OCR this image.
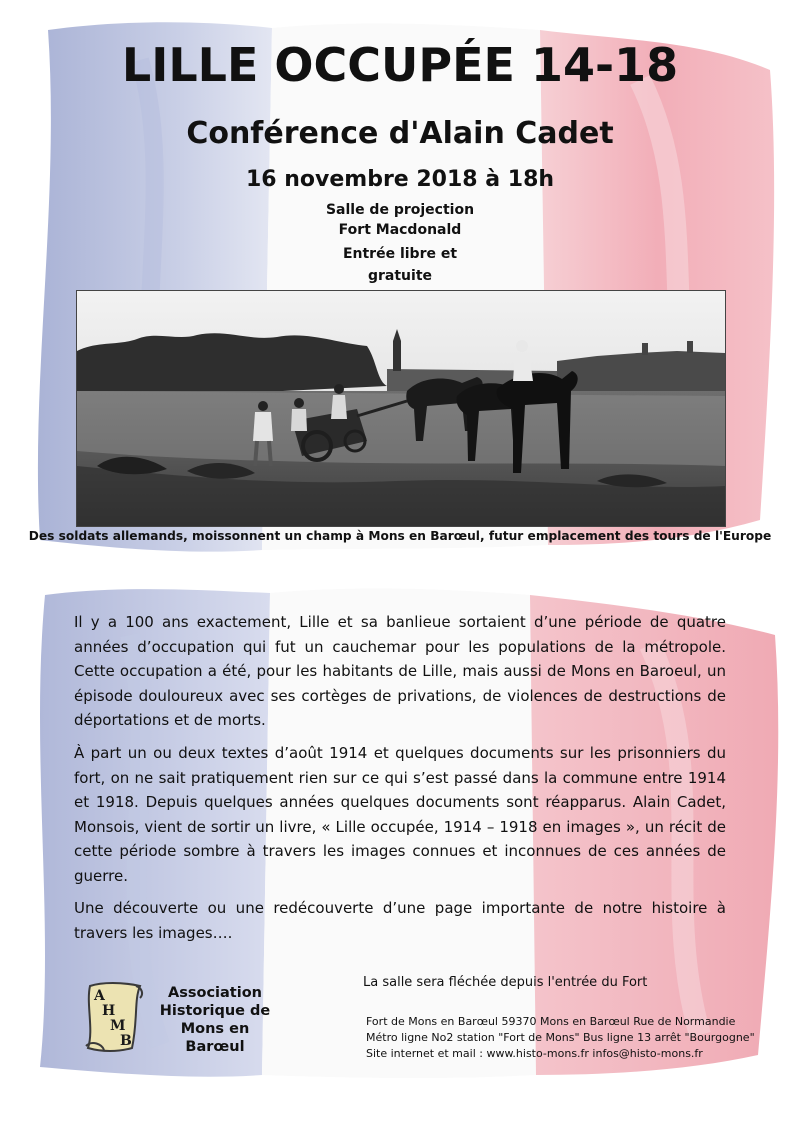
LILLE OCCUPÉE 14-18
Conférence d'Alain Cadet
16 novembre 2018 à 18h
Salle de projection
Fort Macdonald
Entrée libre et
gratuite
Des soldats allemands, moissonnent un champ à Mons en Barœul, futur emplacement des tours de l'Europe
Il y a 100 ans exactement, Lille et sa banlieue sortaient d’une période de quatre années d’occupation qui fut un cauchemar pour les populations de la métropole. Cette occupation a été, pour les habitants de Lille, mais aussi de Mons en Baroeul, un épisode douloureux avec ses cortèges de privations, de violences de destructions de déportations et de morts.
À part un ou deux textes d’août 1914 et quelques documents sur les prisonniers du fort, on ne sait pratiquement rien sur ce qui s’est passé dans la commune entre 1914 et 1918. Depuis quelques années quelques documents sont réapparus. Alain Cadet, Monsois, vient de sortir un livre, « Lille occupée, 1914 – 1918 en images », un récit de cette période sombre à travers les images connues et inconnues de ces années de guerre.
Une découverte ou une redécouverte d’une page importante de notre histoire à travers les images….
A
H
M
B
Association
Historique de
Mons en Barœul
La salle sera fléchée depuis l'entrée du Fort
Fort de Mons en Barœul 59370 Mons en Barœul Rue de Normandie
Métro ligne No2 station "Fort de Mons" Bus ligne 13 arrêt "Bourgogne"
Site internet et mail : www.histo-mons.fr infos@histo-mons.fr
